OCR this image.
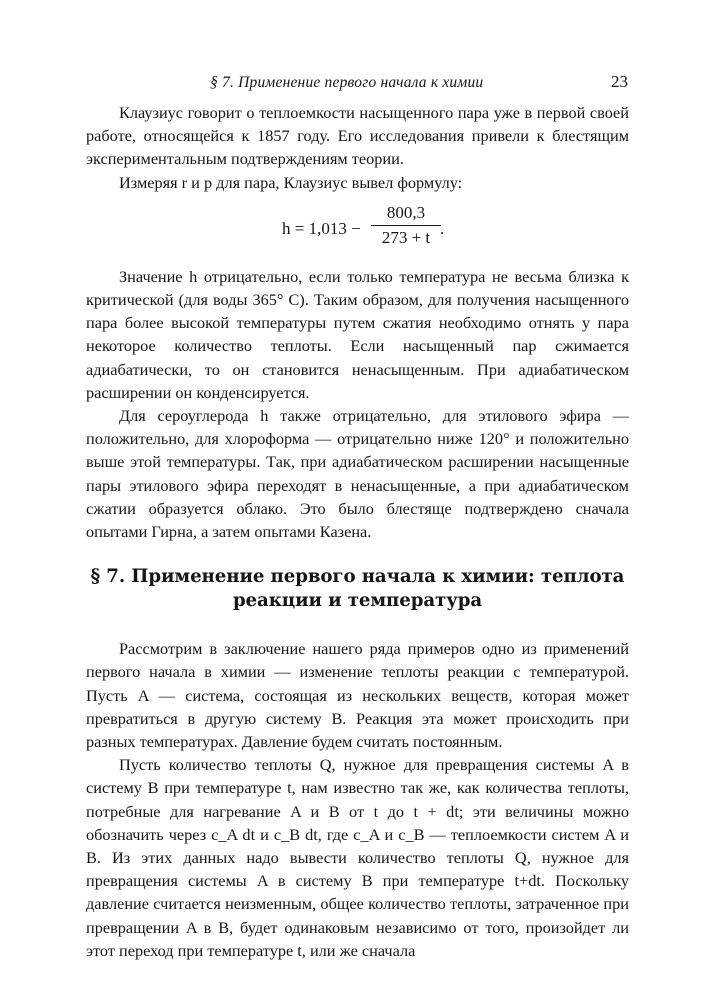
§ 7. Применение первого начала к химии	23

Клаузиус говорит о теплоемкости насыщенного пара уже в первой своей работе, относящейся к 1857 году. Его исследования привели к блестящим экспериментальным подтверждениям теории.

Измеряя r и p для пара, Клаузиус вывел формулу:

h = 1,013 −
800,3
273 + t .

Значение h отрицательно, если только температура не весьма близка к критической (для воды 365° C). Таким образом, для получения насыщенного пара более высокой температуры путем сжатия необходимо отнять у пара некоторое количество теплоты. Если насыщенный пар сжимается адиабатически, то он становится ненасыщенным. При адиабатическом расширении он конденсируется.

Для сероуглерода h также отрицательно, для этилового эфира — положительно, для хлороформа — отрицательно ниже 120° и положительно выше этой температуры. Так, при адиабатическом расширении насыщенные пары этилового эфира переходят в ненасыщенные, а при адиабатическом сжатии образуется облако. Это было блестяще подтверждено сначала опытами Гирна, а затем опытами Казена.

§ 7. Применение первого начала к химии: теплота реакции и температура

Рассмотрим в заключение нашего ряда примеров одно из применений первого начала в химии — изменение теплоты реакции с температурой. Пусть A — система, состоящая из нескольких веществ, которая может превратиться в другую систему B. Реакция эта может происходить при разных температурах. Давление будем считать постоянным.

Пусть количество теплоты Q, нужное для превращения системы A в систему B при температуре t, нам известно так же, как количества теплоты, потребные для нагревание A и B от t до t + dt; эти величины можно обозначить через c_A dt и c_B dt, где c_A и c_B — теплоемкости систем A и B. Из этих данных надо вывести количество теплоты Q, нужное для превращения системы A в систему B при температуре t+dt. Поскольку давление считается неизменным, общее количество теплоты, затраченное при превращении A в B, будет одинаковым независимо от того, произойдет ли этот переход при температуре t, или же сначала
